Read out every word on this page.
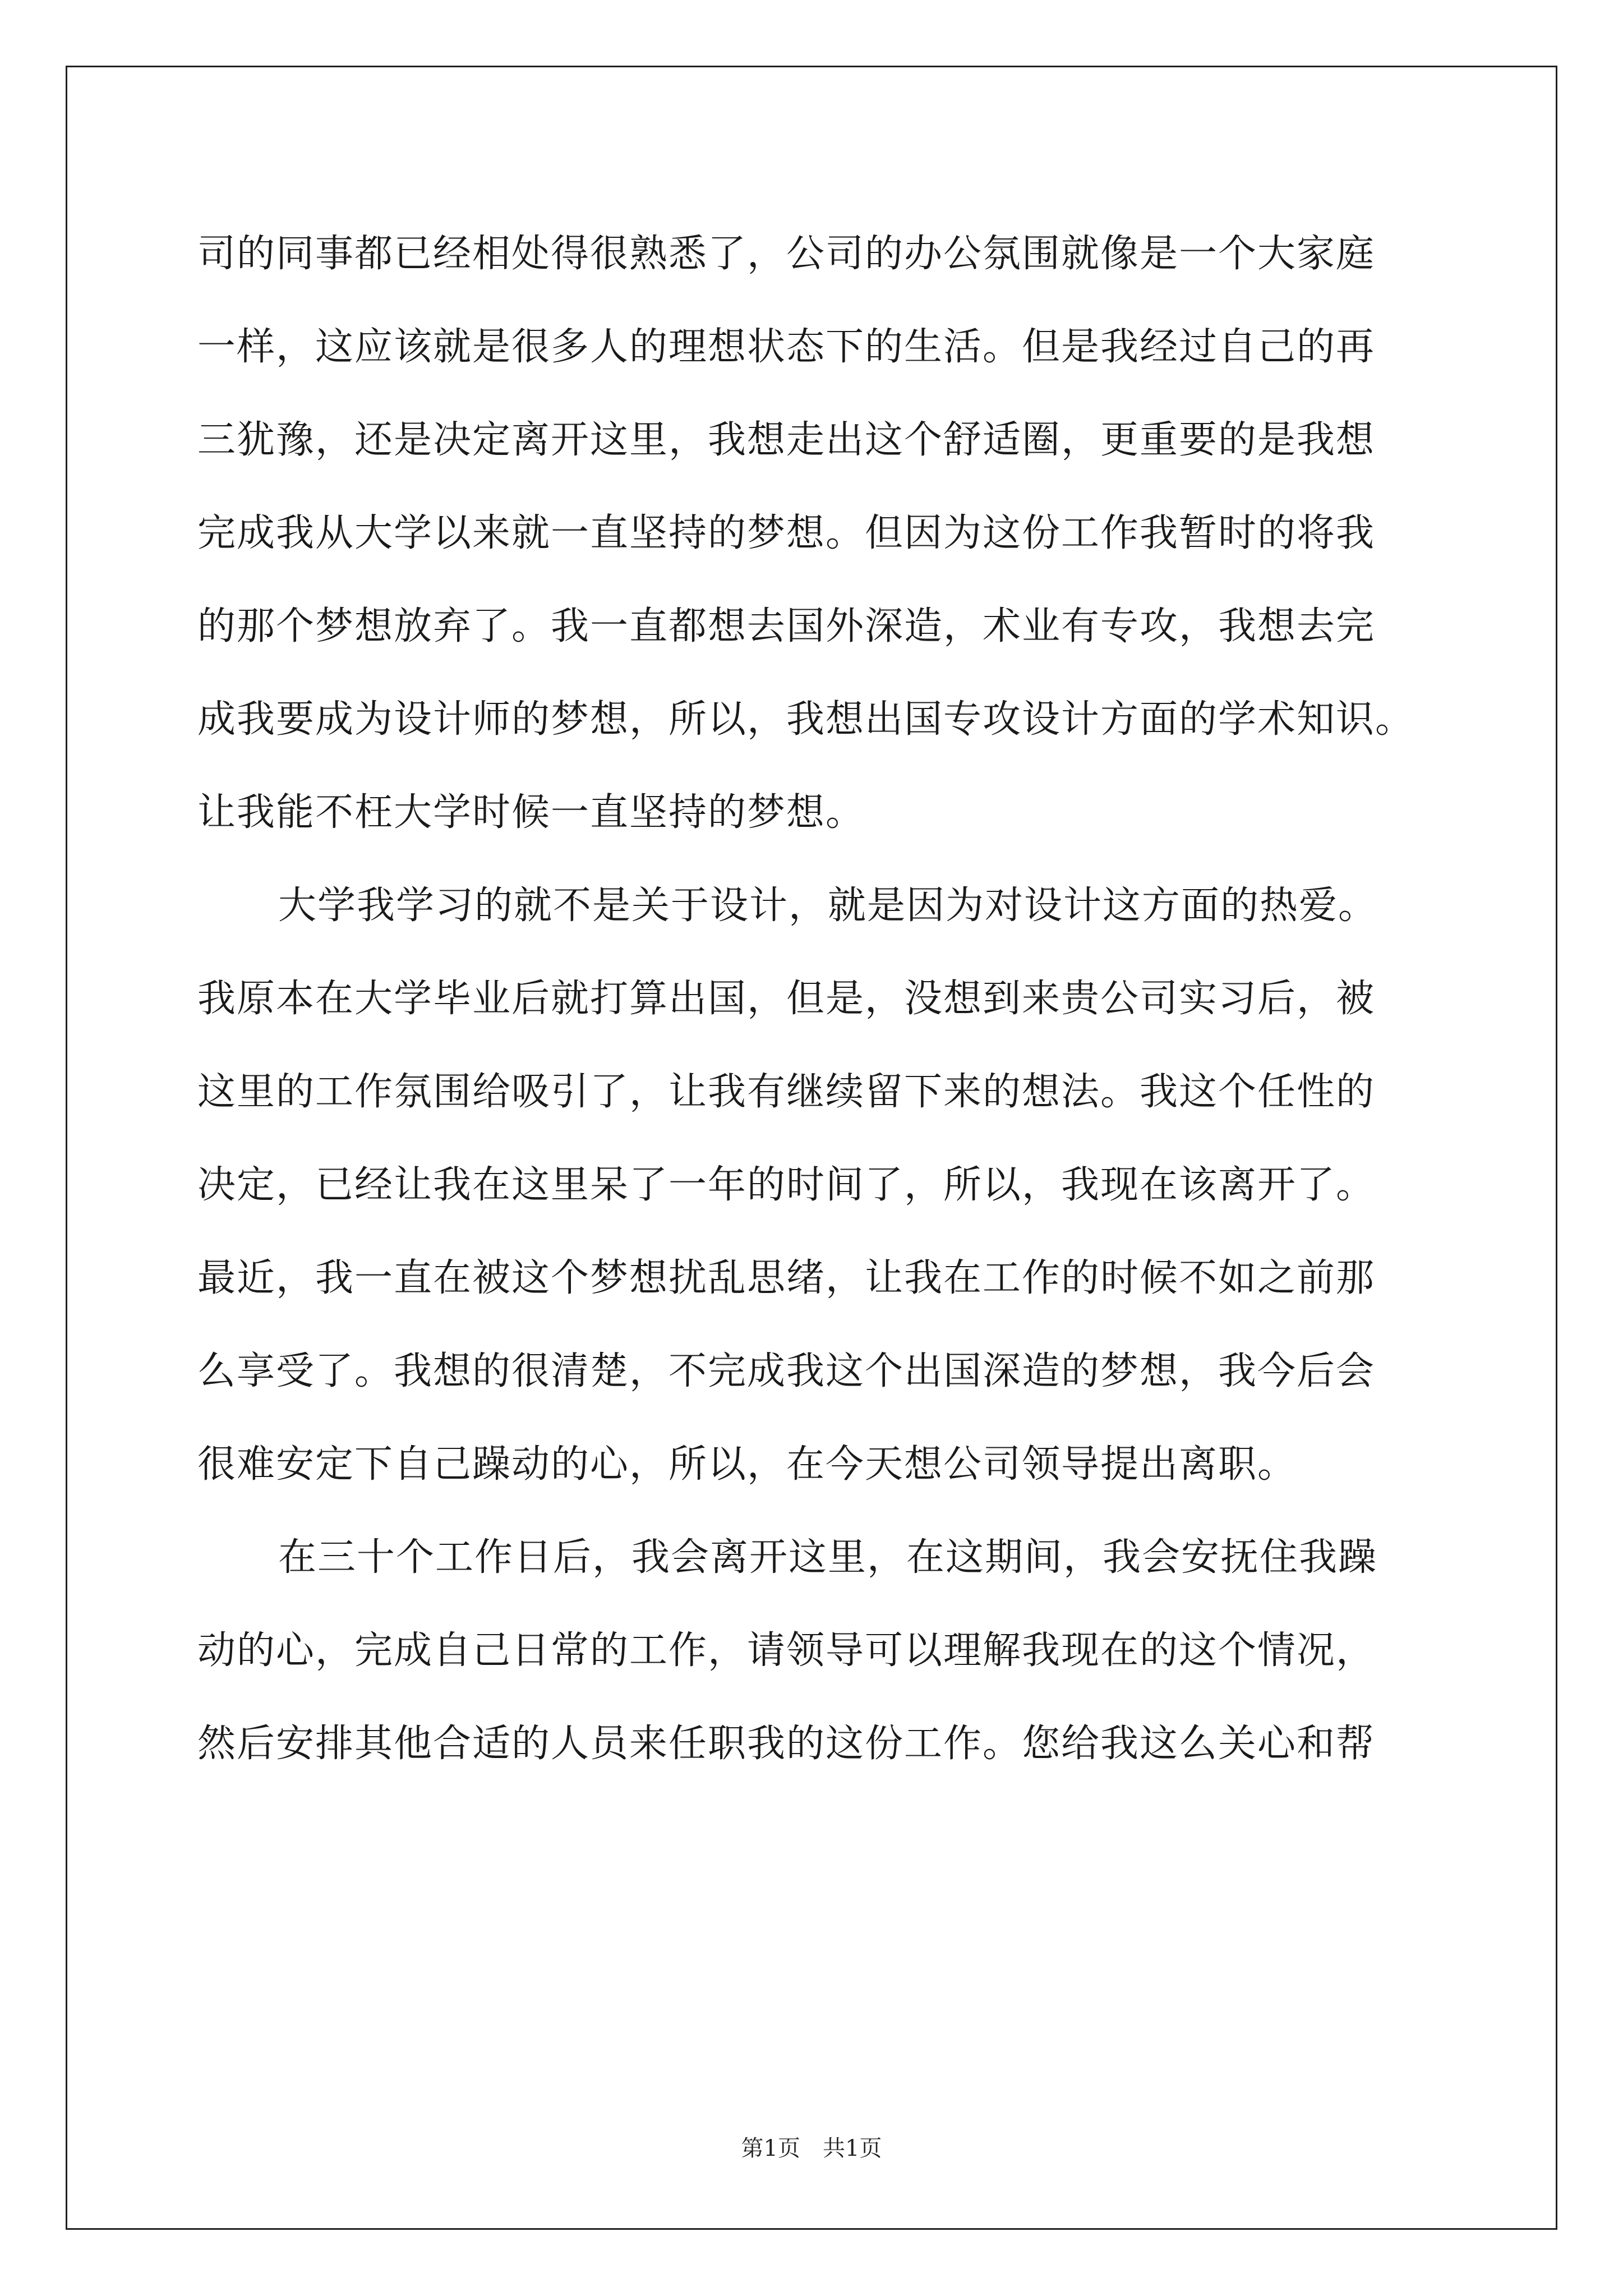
司的同事都已经相处得很熟悉了，公司的办公氛围就像是一个大家庭
一样，这应该就是很多人的理想状态下的生活。但是我经过自己的再
三犹豫，还是决定离开这里，我想走出这个舒适圈，更重要的是我想
完成我从大学以来就一直坚持的梦想。但因为这份工作我暂时的将我
的那个梦想放弃了。我一直都想去国外深造，术业有专攻，我想去完
成我要成为设计师的梦想，所以，我想出国专攻设计方面的学术知识。
让我能不枉大学时候一直坚持的梦想。
大学我学习的就不是关于设计，就是因为对设计这方面的热爱。
我原本在大学毕业后就打算出国，但是，没想到来贵公司实习后，被
这里的工作氛围给吸引了，让我有继续留下来的想法。我这个任性的
决定，已经让我在这里呆了一年的时间了，所以，我现在该离开了。
最近，我一直在被这个梦想扰乱思绪，让我在工作的时候不如之前那
么享受了。我想的很清楚，不完成我这个出国深造的梦想，我今后会
很难安定下自己躁动的心，所以，在今天想公司领导提出离职。
在三十个工作日后，我会离开这里，在这期间，我会安抚住我躁
动的心，完成自己日常的工作，请领导可以理解我现在的这个情况，
然后安排其他合适的人员来任职我的这份工作。您给我这么关心和帮
第1页　共1页
